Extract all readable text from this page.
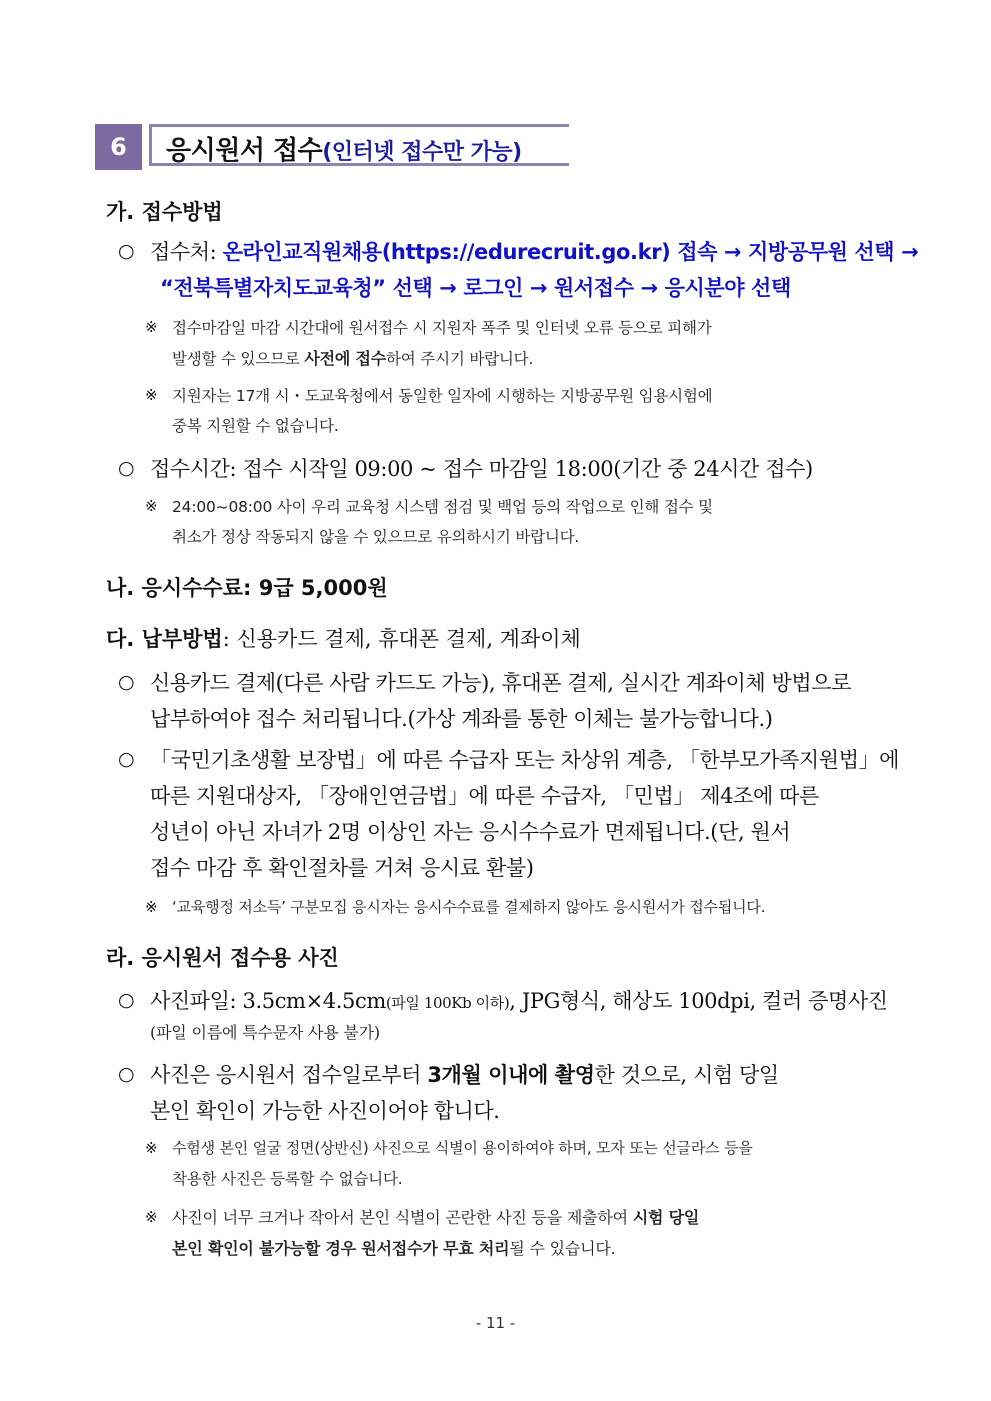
6	응시원서 접수(인터넷 접수만 가능)
가. 접수방법
○ 접수처: 온라인교직원채용(https://edurecruit.go.kr) 접속 → 지방공무원 선택 →
“전북특별자치도교육청” 선택 → 로그인 → 원서접수 → 응시분야 선택
※ 접수마감일 마감 시간대에 원서접수 시 지원자 폭주 및 인터넷 오류 등으로 피해가
발생할 수 있으므로 사전에 접수하여 주시기 바랍니다.
※ 지원자는 17개 시・도교육청에서 동일한 일자에 시행하는 지방공무원 임용시험에
중복 지원할 수 없습니다.
○ 접수시간: 접수 시작일 09:00 ~ 접수 마감일 18:00(기간 중 24시간 접수)
※ 24:00~08:00 사이 우리 교육청 시스템 점검 및 백업 등의 작업으로 인해 접수 및
취소가 정상 작동되지 않을 수 있으므로 유의하시기 바랍니다.
나. 응시수수료: 9급 5,000원
다. 납부방법: 신용카드 결제, 휴대폰 결제, 계좌이체
○ 신용카드 결제(다른 사람 카드도 가능), 휴대폰 결제, 실시간 계좌이체 방법으로
납부하여야 접수 처리됩니다.(가상 계좌를 통한 이체는 불가능합니다.)
○ 「국민기초생활 보장법」에 따른 수급자 또는 차상위 계층, 「한부모가족지원법」에
따른 지원대상자, 「장애인연금법」에 따른 수급자, 「민법」 제4조에 따른
성년이 아닌 자녀가 2명 이상인 자는 응시수수료가 면제됩니다.(단, 원서
접수 마감 후 확인절차를 거쳐 응시료 환불)
※ ‘교육행정 저소득’ 구분모집 응시자는 응시수수료를 결제하지 않아도 응시원서가 접수됩니다.
라. 응시원서 접수용 사진
○ 사진파일: 3.5cm×4.5cm(파일 100Kb 이하), JPG형식, 해상도 100dpi, 컬러 증명사진
(파일 이름에 특수문자 사용 불가)
○ 사진은 응시원서 접수일로부터 3개월 이내에 촬영한 것으로, 시험 당일
본인 확인이 가능한 사진이어야 합니다.
※ 수험생 본인 얼굴 정면(상반신) 사진으로 식별이 용이하여야 하며, 모자 또는 선글라스 등을
착용한 사진은 등록할 수 없습니다.
※ 사진이 너무 크거나 작아서 본인 식별이 곤란한 사진 등을 제출하여 시험 당일
본인 확인이 불가능할 경우 원서접수가 무효 처리될 수 있습니다.
- 11 -
